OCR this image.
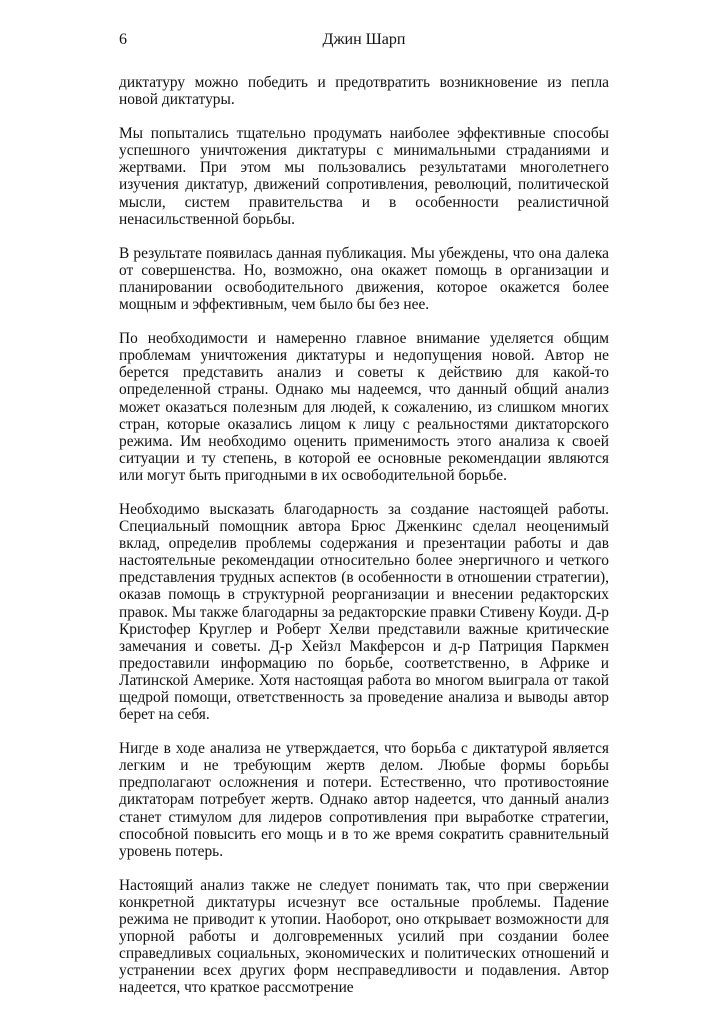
6	Джин Шарп

диктатуру можно победить и предотвратить возникновение из пепла новой диктатуры.

Мы попытались тщательно продумать наиболее эффективные способы успешного уничтожения диктатуры с минимальными страданиями и жертвами. При этом мы пользовались результатами многолетнего изучения диктатур, движений сопротивления, революций, политической мысли, систем правительства и в особенности реалистичной ненасильственной борьбы.

В результате появилась данная публикация. Мы убеждены, что она далека от совершенства. Но, возможно, она окажет помощь в организации и планировании освободительного движения, которое окажется более мощным и эффективным, чем было бы без нее.

По необходимости и намеренно главное внимание уделяется общим проблемам уничтожения диктатуры и недопущения новой. Автор не берется представить анализ и советы к действию для какой-то определенной страны. Однако мы надеемся, что данный общий анализ может оказаться полезным для людей, к сожалению, из слишком многих стран, которые оказались лицом к лицу с реальностями диктаторского режима. Им необходимо оценить применимость этого анализа к своей ситуации и ту степень, в которой ее основные рекомендации являются или могут быть пригодными в их освободительной борьбе.

Необходимо высказать благодарность за создание настоящей работы. Специальный помощник автора Брюс Дженкинс сделал неоценимый вклад, определив проблемы содержания и презентации работы и дав настоятельные рекомендации относительно более энергичного и четкого представления трудных аспектов (в особенности в отношении стратегии), оказав помощь в структурной реорганизации и внесении редакторских правок. Мы также благодарны за редакторские правки Стивену Коуди. Д-р Кристофер Круглер и Роберт Хелви представили важные критические замечания и советы. Д-р Хейзл Макферсон и д-р Патриция Паркмен предоставили информацию по борьбе, соответственно, в Африке и Латинской Америке. Хотя настоящая работа во многом выиграла от такой щедрой помощи, ответственность за проведение анализа и выводы автор берет на себя.

Нигде в ходе анализа не утверждается, что борьба с диктатурой является легким и не требующим жертв делом. Любые формы борьбы предполагают осложнения и потери. Естественно, что противостояние диктаторам потребует жертв. Однако автор надеется, что данный анализ станет стимулом для лидеров сопротивления при выработке стратегии, способной повысить его мощь и в то же время сократить сравнительный уровень потерь.

Настоящий анализ также не следует понимать так, что при свержении конкретной диктатуры исчезнут все остальные проблемы. Падение режима не приводит к утопии. Наоборот, оно открывает возможности для упорной работы и долговременных усилий при создании более справедливых социальных, экономических и политических отношений и устранении всех других форм несправедливости и подавления. Автор надеется, что краткое рассмотрение
